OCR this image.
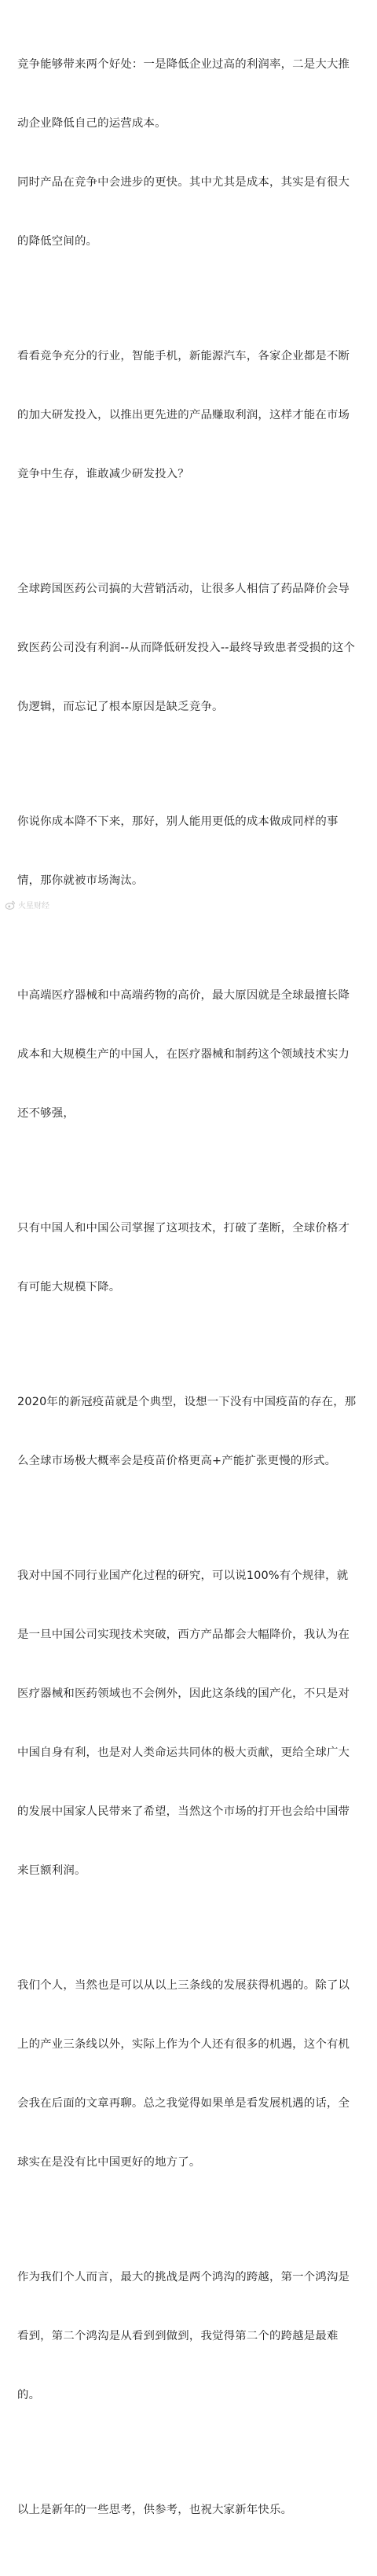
竞争能够带来两个好处：一是降低企业过高的利润率，二是大大推

动企业降低自己的运营成本。

同时产品在竞争中会进步的更快。其中尤其是成本，其实是有很大

的降低空间的。

看看竞争充分的行业，智能手机，新能源汽车，各家企业都是不断

的加大研发投入，以推出更先进的产品赚取利润，这样才能在市场

竞争中生存，谁敢减少研发投入？

全球跨国医药公司搞的大营销活动，让很多人相信了药品降价会导

致医药公司没有利润--从而降低研发投入--最终导致患者受损的这个

伪逻辑，而忘记了根本原因是缺乏竞争。

你说你成本降不下来，那好，别人能用更低的成本做成同样的事

情，那你就被市场淘汰。

中高端医疗器械和中高端药物的高价，最大原因就是全球最擅长降

成本和大规模生产的中国人，在医疗器械和制药这个领域技术实力

还不够强，

只有中国人和中国公司掌握了这项技术，打破了垄断，全球价格才

有可能大规模下降。

2020年的新冠疫苗就是个典型，设想一下没有中国疫苗的存在，那

么全球市场极大概率会是疫苗价格更高+产能扩张更慢的形式。

我对中国不同行业国产化过程的研究，可以说100%有个规律，就

是一旦中国公司实现技术突破，西方产品都会大幅降价，我认为在

医疗器械和医药领域也不会例外，因此这条线的国产化，不只是对

中国自身有利，也是对人类命运共同体的极大贡献，更给全球广大

的发展中国家人民带来了希望，当然这个市场的打开也会给中国带

来巨额利润。

我们个人，当然也是可以从以上三条线的发展获得机遇的。除了以

上的产业三条线以外，实际上作为个人还有很多的机遇，这个有机

会我在后面的文章再聊。总之我觉得如果单是看发展机遇的话，全

球实在是没有比中国更好的地方了。

作为我们个人而言，最大的挑战是两个鸿沟的跨越，第一个鸿沟是

看到，第二个鸿沟是从看到到做到，我觉得第二个的跨越是最难

的。

以上是新年的一些思考，供参考，也祝大家新年快乐。

火星财经
